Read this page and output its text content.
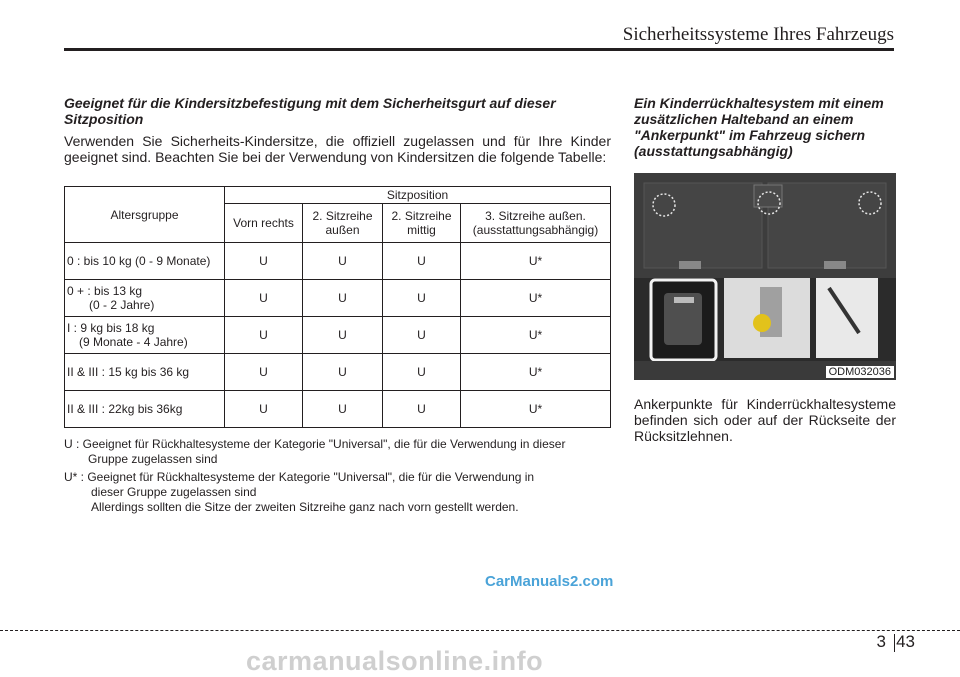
Sicherheitssysteme Ihres Fahrzeugs
Geeignet für die Kindersitzbefestigung mit dem Sicherheitsgurt auf dieser Sitzposition
Verwenden Sie Sicherheits-Kindersitze, die offiziell zugelassen und für Ihre Kinder geeignet sind. Beachten Sie bei der Verwendung von Kindersitzen die folgende Tabelle:
Altersgruppe	Sitzposition			
	Vorn rechts	2. Sitzreihe außen	2. Sitzreihe mittig	3. Sitzreihe außen. (ausstattungsabhängig)

0 : bis 10 kg (0 - 9 Monate)	U	U	U	U*

0 + : bis 13 kg
(0 - 2 Jahre)	U	U	U	U*

I : 9 kg bis 18 kg
(9 Monate - 4 Jahre)	U	U	U	U*

II & III : 15 kg bis 36 kg	U	U	U	U*

II & III : 22kg bis 36kg	U	U	U	U*
U : Geeignet für Rückhaltesysteme der Kategorie "Universal", die für die Verwendung in dieser
Gruppe zugelassen sind
U* : Geeignet für Rückhaltesysteme der Kategorie "Universal", die für die Verwendung in
dieser Gruppe zugelassen sind
Allerdings sollten die Sitze der zweiten Sitzreihe ganz nach vorn gestellt werden.
Ein Kinderrückhaltesystem mit einem zusätzlichen Halteband an einem "Ankerpunkt" im Fahrzeug sichern (ausstattungsabhängig)
ODM032036
Ankerpunkte für Kinderrückhaltesysteme befinden sich oder auf der Rückseite der Rücksitzlehnen.
CarManuals2.com
3 43
carmanualsonline.info
